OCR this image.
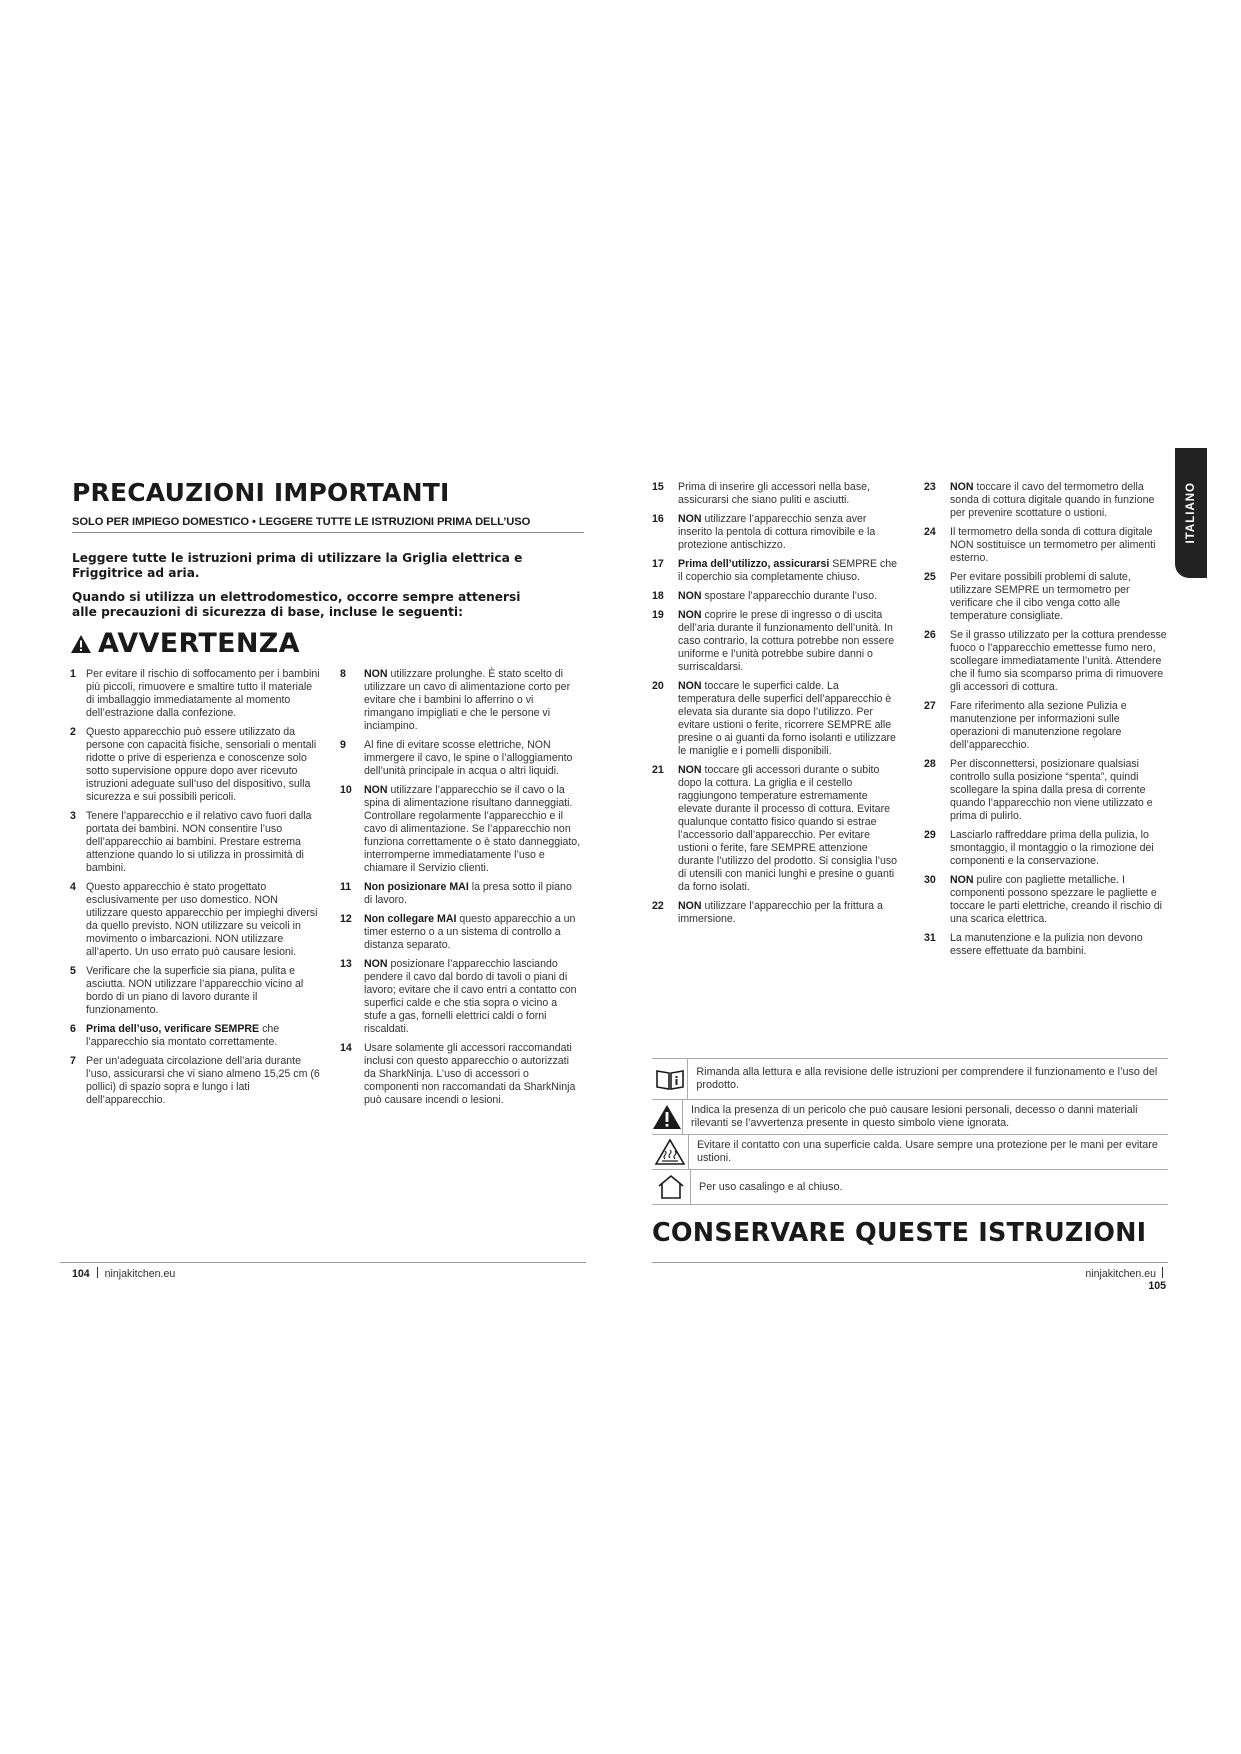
PRECAUZIONI IMPORTANTI
SOLO PER IMPIEGO DOMESTICO • LEGGERE TUTTE LE ISTRUZIONI PRIMA DELL’USO
Leggere tutte le istruzioni prima di utilizzare la Griglia elettrica e Friggitrice ad aria.
Quando si utilizza un elettrodomestico, occorre sempre attenersi alle precauzioni di sicurezza di base, incluse le seguenti:
AVVERTENZA
1 Per evitare il rischio di soffocamento per i bambini più piccoli, rimuovere e smaltire tutto il materiale di imballaggio immediatamente al momento dell’estrazione dalla confezione.
2 Questo apparecchio può essere utilizzato da persone con capacità fisiche, sensoriali o mentali ridotte o prive di esperienza e conoscenze solo sotto supervisione oppure dopo aver ricevuto istruzioni adeguate sull’uso del dispositivo, sulla sicurezza e sui possibili pericoli.
3 Tenere l’apparecchio e il relativo cavo fuori dalla portata dei bambini. NON consentire l’uso dell’apparecchio ai bambini. Prestare estrema attenzione quando lo si utilizza in prossimità di bambini.
4 Questo apparecchio è stato progettato esclusivamente per uso domestico. NON utilizzare questo apparecchio per impieghi diversi da quello previsto. NON utilizzare su veicoli in movimento o imbarcazioni. NON utilizzare all’aperto. Un uso errato può causare lesioni.
5 Verificare che la superficie sia piana, pulita e asciutta. NON utilizzare l’apparecchio vicino al bordo di un piano di lavoro durante il funzionamento.
6 Prima dell’uso, verificare SEMPRE che l’apparecchio sia montato correttamente.
7 Per un’adeguata circolazione dell’aria durante l’uso, assicurarsi che vi siano almeno 15,25 cm (6 pollici) di spazio sopra e lungo i lati dell’apparecchio.
8	NON utilizzare prolunghe. È stato scelto di utilizzare un cavo di alimentazione corto per evitare che i bambini lo afferrino o vi rimangano impigliati e che le persone vi inciampino.
9	Al fine di evitare scosse elettriche, NON immergere il cavo, le spine o l’alloggiamento dell’unità principale in acqua o altri liquidi.
10	NON utilizzare l’apparecchio se il cavo o la spina di alimentazione risultano danneggiati. Controllare regolarmente l’apparecchio e il cavo di alimentazione. Se l’apparecchio non funziona correttamente o è stato danneggiato, interromperne immediatamente l’uso e chiamare il Servizio clienti.
11	Non posizionare MAI la presa sotto il piano di lavoro.
12	Non collegare MAI questo apparecchio a un timer esterno o a un sistema di controllo a distanza separato.
13	NON posizionare l’apparecchio lasciando pendere il cavo dal bordo di tavoli o piani di lavoro; evitare che il cavo entri a contatto con superfici calde e che stia sopra o vicino a stufe a gas, fornelli elettrici caldi o forni riscaldati.
14	Usare solamente gli accessori raccomandati inclusi con questo apparecchio o autorizzati da SharkNinja. L’uso di accessori o componenti non raccomandati da SharkNinja può causare incendi o lesioni.
104 ninjakitchen.eu
ITALIANO
15	Prima di inserire gli accessori nella base, assicurarsi che siano puliti e asciutti.
16	NON utilizzare l’apparecchio senza aver inserito la pentola di cottura rimovibile e la protezione antischizzo.
17	Prima dell’utilizzo, assicurarsi SEMPRE che il coperchio sia completamente chiuso.
18	NON spostare l’apparecchio durante l’uso.
19	NON coprire le prese di ingresso o di uscita dell’aria durante il funzionamento dell’unità. In caso contrario, la cottura potrebbe non essere uniforme e l’unità potrebbe subire danni o surriscaldarsi.
20	NON toccare le superfici calde. La temperatura delle superfici dell’apparecchio è elevata sia durante sia dopo l’utilizzo. Per evitare ustioni o ferite, ricorrere SEMPRE alle presine o ai guanti da forno isolanti e utilizzare le maniglie e i pomelli disponibili.
21	NON toccare gli accessori durante o subito dopo la cottura. La griglia e il cestello raggiungono temperature estremamente elevate durante il processo di cottura. Evitare qualunque contatto fisico quando si estrae l’accessorio dall’apparecchio. Per evitare ustioni o ferite, fare SEMPRE attenzione durante l’utilizzo del prodotto. Si consiglia l’uso di utensili con manici lunghi e presine o guanti da forno isolati.
22	NON utilizzare l’apparecchio per la frittura a immersione.
23	NON toccare il cavo del termometro della sonda di cottura digitale quando in funzione per prevenire scottature o ustioni.
24	Il termometro della sonda di cottura digitale NON sostituisce un termometro per alimenti esterno.
25	Per evitare possibili problemi di salute, utilizzare SEMPRE un termometro per verificare che il cibo venga cotto alle temperature consigliate.
26	Se il grasso utilizzato per la cottura prendesse fuoco o l’apparecchio emettesse fumo nero, scollegare immediatamente l’unità. Attendere che il fumo sia scomparso prima di rimuovere gli accessori di cottura.
27	Fare riferimento alla sezione Pulizia e manutenzione per informazioni sulle operazioni di manutenzione regolare dell’apparecchio.
28	Per disconnettersi, posizionare qualsiasi controllo sulla posizione “spenta”, quindi scollegare la spina dalla presa di corrente quando l’apparecchio non viene utilizzato e prima di pulirlo.
29	Lasciarlo raffreddare prima della pulizia, lo smontaggio, il montaggio o la rimozione dei componenti e la conservazione.
30	NON pulire con pagliette metalliche. I componenti possono spezzare le pagliette e toccare le parti elettriche, creando il rischio di una scarica elettrica.
31	La manutenzione e la pulizia non devono essere effettuate da bambini.
Rimanda alla lettura e alla revisione delle istruzioni per comprendere il funzionamento e l’uso del prodotto.
Indica la presenza di un pericolo che può causare lesioni personali, decesso o danni materiali rilevanti se l’avvertenza presente in questo simbolo viene ignorata.
Evitare il contatto con una superficie calda. Usare sempre una protezione per le mani per evitare ustioni.
Per uso casalingo e al chiuso.
CONSERVARE QUESTE ISTRUZIONI
ninjakitchen.eu  105
